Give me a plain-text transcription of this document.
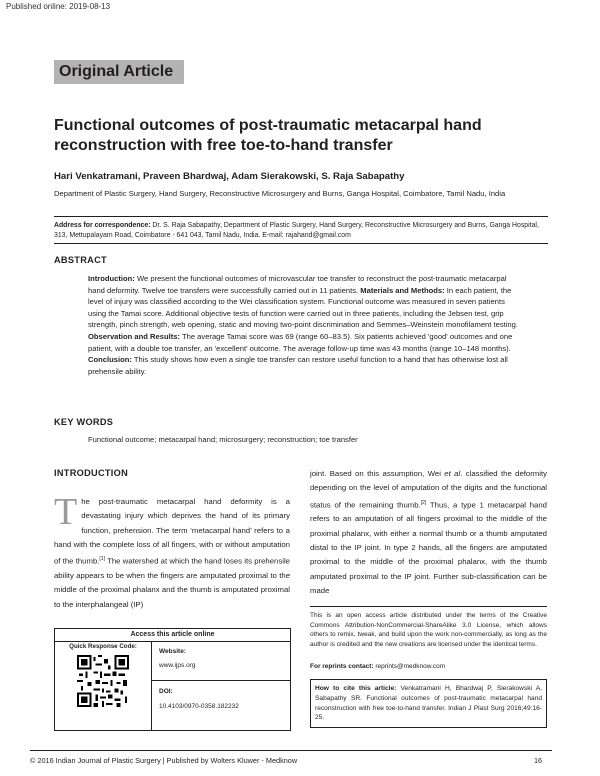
Published online: 2019-08-13
Original Article
Functional outcomes of post-traumatic metacarpal hand reconstruction with free toe-to-hand transfer
Hari Venkatramani, Praveen Bhardwaj, Adam Sierakowski, S. Raja Sabapathy
Department of Plastic Surgery, Hand Surgery, Reconstructive Microsurgery and Burns, Ganga Hospital, Coimbatore, Tamil Nadu, India
Address for correspondence: Dr. S. Raja Sabapathy, Department of Plastic Surgery, Hand Surgery, Reconstructive Microsurgery and Burns, Ganga Hospital, 313, Mettupalayam Road, Coimbatore - 641 043, Tamil Nadu, India. E-mail: rajahand@gmail.com
ABSTRACT
Introduction: We present the functional outcomes of microvascular toe transfer to reconstruct the post-traumatic metacarpal hand deformity. Twelve toe transfers were successfully carried out in 11 patients. Materials and Methods: In each patient, the level of injury was classified according to the Wei classification system. Functional outcome was measured in seven patients using the Tamai score. Additional objective tests of function were carried out in three patients, including the Jebsen test, grip strength, pinch strength, web opening, static and moving two-point discrimination and Semmes–Weinstein monofilament testing. Observation and Results: The average Tamai score was 69 (range 60–83.5). Six patients achieved 'good' outcomes and one patient, with a double toe transfer, an 'excellent' outcome. The average follow-up time was 43 months (range 10–148 months). Conclusion: This study shows how even a single toe transfer can restore useful function to a hand that has otherwise lost all prehensile ability.
KEY WORDS
Functional outcome; metacarpal hand; microsurgery; reconstruction; toe transfer
INTRODUCTION
The post-traumatic metacarpal hand deformity is a devastating injury which deprives the hand of its primary function, prehension. The term ‘metacarpal hand’ refers to a hand with the complete loss of all fingers, with or without amputation of the thumb.[1] The watershed at which the hand loses its prehensile ability appears to be when the fingers are amputated proximal to the middle of the proximal phalanx and the thumb is amputated proximal to the interphalangeal (IP)
joint. Based on this assumption, Wei et al. classified the deformity depending on the level of amputation of the digits and the functional status of the remaining thumb.[2] Thus, a type 1 metacarpal hand refers to an amputation of all fingers proximal to the middle of the proximal phalanx, with either a normal thumb or a thumb amputated distal to the IP joint. In type 2 hands, all the fingers are amputated proximal to the middle of the proximal phalanx, with the thumb amputated proximal to the IP joint. Further sub-classification can be made
This is an open access article distributed under the terms of the Creative Commons Attribution-NonCommercial-ShareAlike 3.0 License, which allows others to remix, tweak, and build upon the work non-commercially, as long as the author is credited and the new creations are licensed under the identical terms.
For reprints contact: reprints@medknow.com
How to cite this article: Venkatramani H, Bhardwaj P, Sierakowski A, Sabapathy SR. Functional outcomes of post-traumatic metacarpal hand reconstruction with free toe-to-hand transfer. Indian J Plast Surg 2016;49:16-25.
Access this article online
Quick Response Code:
Website:
www.ijps.org
DOI:
10.4103/0970-0358.182232
© 2016 Indian Journal of Plastic Surgery | Published by Wolters Kluwer - Medknow	16
